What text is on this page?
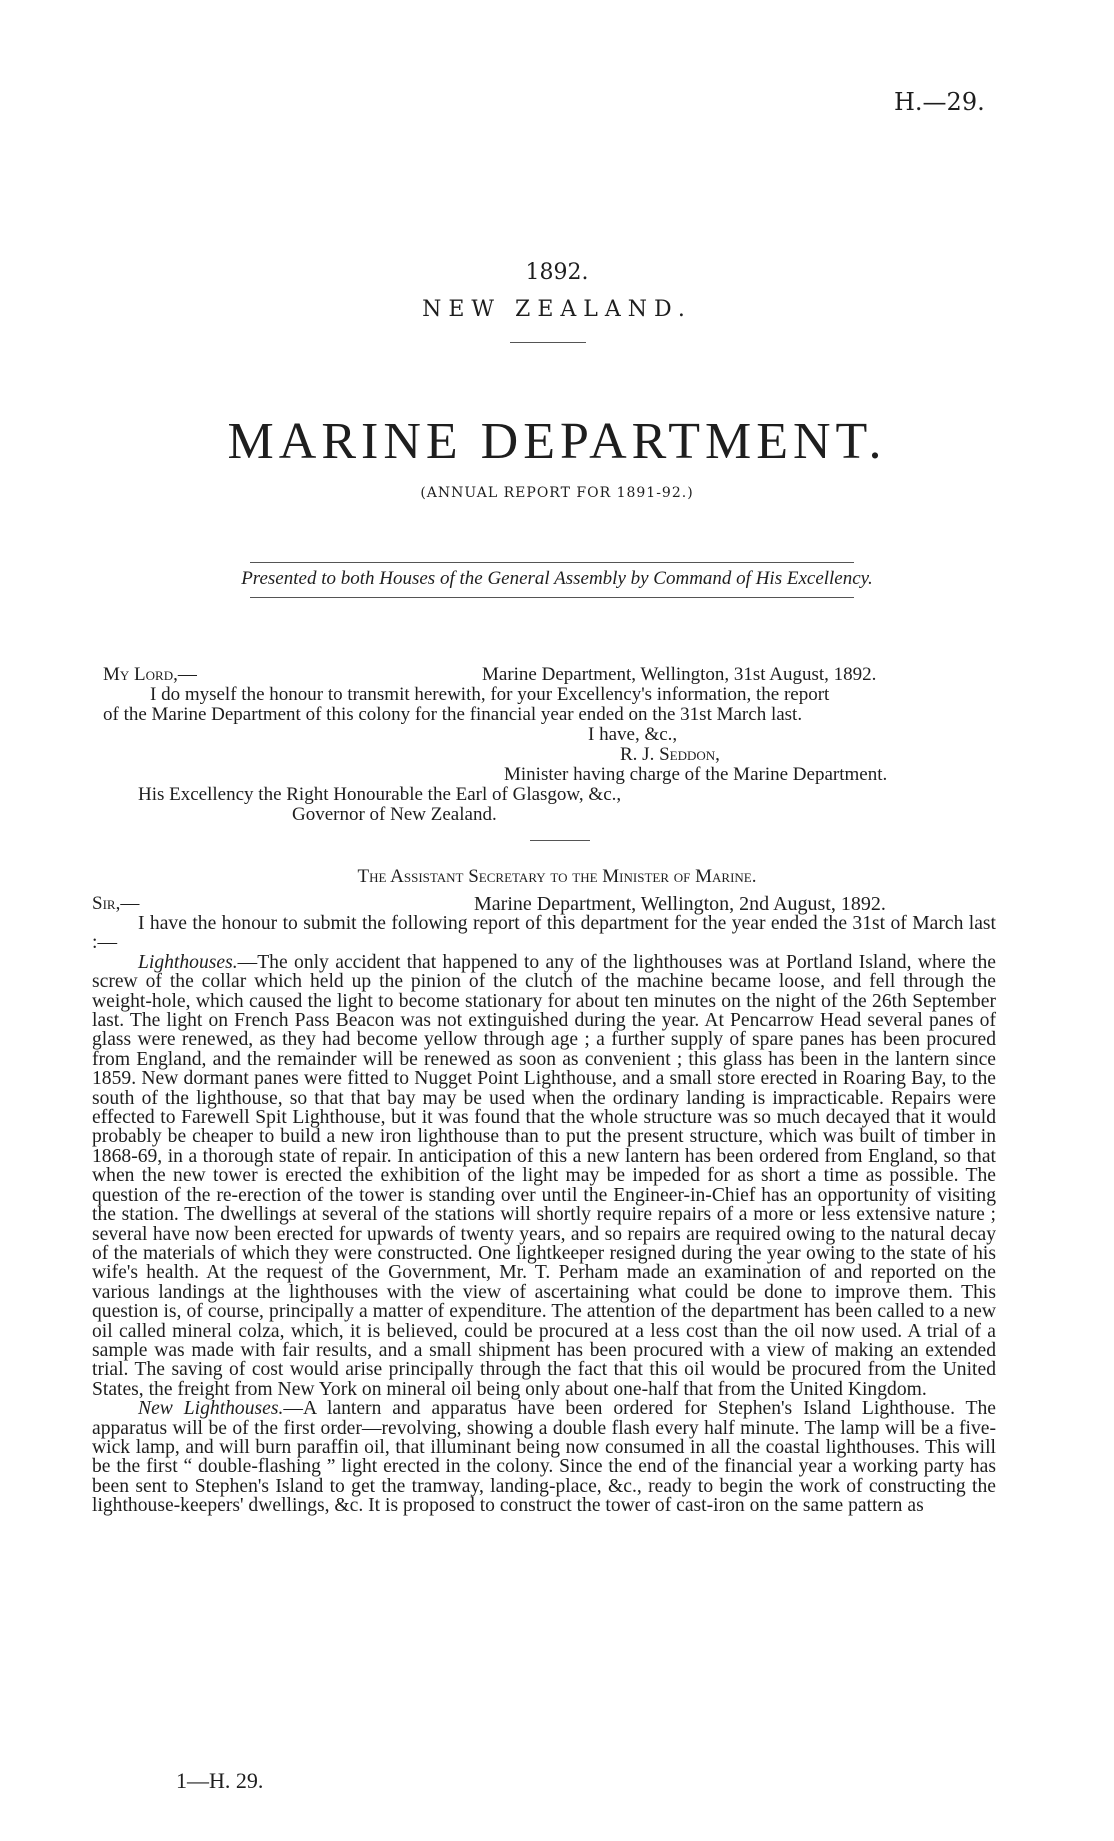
H.—29.
1892.
NEW ZEALAND.
MARINE DEPARTMENT.
(ANNUAL REPORT FOR 1891-92.)
Presented to both Houses of the General Assembly by Command of His Excellency.
My Lord,—	Marine Department, Wellington, 31st August, 1892.
I do myself the honour to transmit herewith, for your Excellency's information, the report
of the Marine Department of this colony for the financial year ended on the 31st March last.
I have, &c.,
R. J. Seddon,
Minister having charge of the Marine Department.
His Excellency the Right Honourable the Earl of Glasgow, &c.,
Governor of New Zealand.
The Assistant Secretary to the Minister of Marine.
Sir,—	Marine Department, Wellington, 2nd August, 1892.

I have the honour to submit the following report of this department for the year ended the 31st of March last :—

Lighthouses.—The only accident that happened to any of the lighthouses was at Portland Island, where the screw of the collar which held up the pinion of the clutch of the machine became loose, and fell through the weight-hole, which caused the light to become stationary for about ten minutes on the night of the 26th September last. The light on French Pass Beacon was not extinguished during the year. At Pencarrow Head several panes of glass were renewed, as they had become yellow through age ; a further supply of spare panes has been procured from England, and the remainder will be renewed as soon as convenient ; this glass has been in the lantern since 1859. New dormant panes were fitted to Nugget Point Lighthouse, and a small store erected in Roaring Bay, to the south of the lighthouse, so that that bay may be used when the ordinary landing is impracticable. Repairs were effected to Farewell Spit Lighthouse, but it was found that the whole structure was so much decayed that it would probably be cheaper to build a new iron lighthouse than to put the present structure, which was built of timber in 1868-69, in a thorough state of repair. In anticipation of this a new lantern has been ordered from England, so that when the new tower is erected the exhibition of the light may be impeded for as short a time as possible. The question of the re-erection of the tower is standing over until the Engineer-in-Chief has an opportunity of visiting the station. The dwellings at several of the stations will shortly require repairs of a more or less extensive nature ; several have now been erected for upwards of twenty years, and so repairs are required owing to the natural decay of the materials of which they were constructed. One lightkeeper resigned during the year owing to the state of his wife's health. At the request of the Government, Mr. T. Perham made an examination of and reported on the various landings at the lighthouses with the view of ascertaining what could be done to improve them. This question is, of course, principally a matter of expenditure. The attention of the department has been called to a new oil called mineral colza, which, it is believed, could be procured at a less cost than the oil now used. A trial of a sample was made with fair results, and a small shipment has been procured with a view of making an extended trial. The saving of cost would arise principally through the fact that this oil would be procured from the United States, the freight from New York on mineral oil being only about one-half that from the United Kingdom.

New Lighthouses.—A lantern and apparatus have been ordered for Stephen's Island Lighthouse. The apparatus will be of the first order—revolving, showing a double flash every half minute. The lamp will be a five-wick lamp, and will burn paraffin oil, that illuminant being now consumed in all the coastal lighthouses. This will be the first “ double-flashing ” light erected in the colony. Since the end of the financial year a working party has been sent to Stephen's Island to get the tramway, landing-place, &c., ready to begin the work of constructing the lighthouse-keepers' dwellings, &c. It is proposed to construct the tower of cast-iron on the same pattern as

1—H. 29.
